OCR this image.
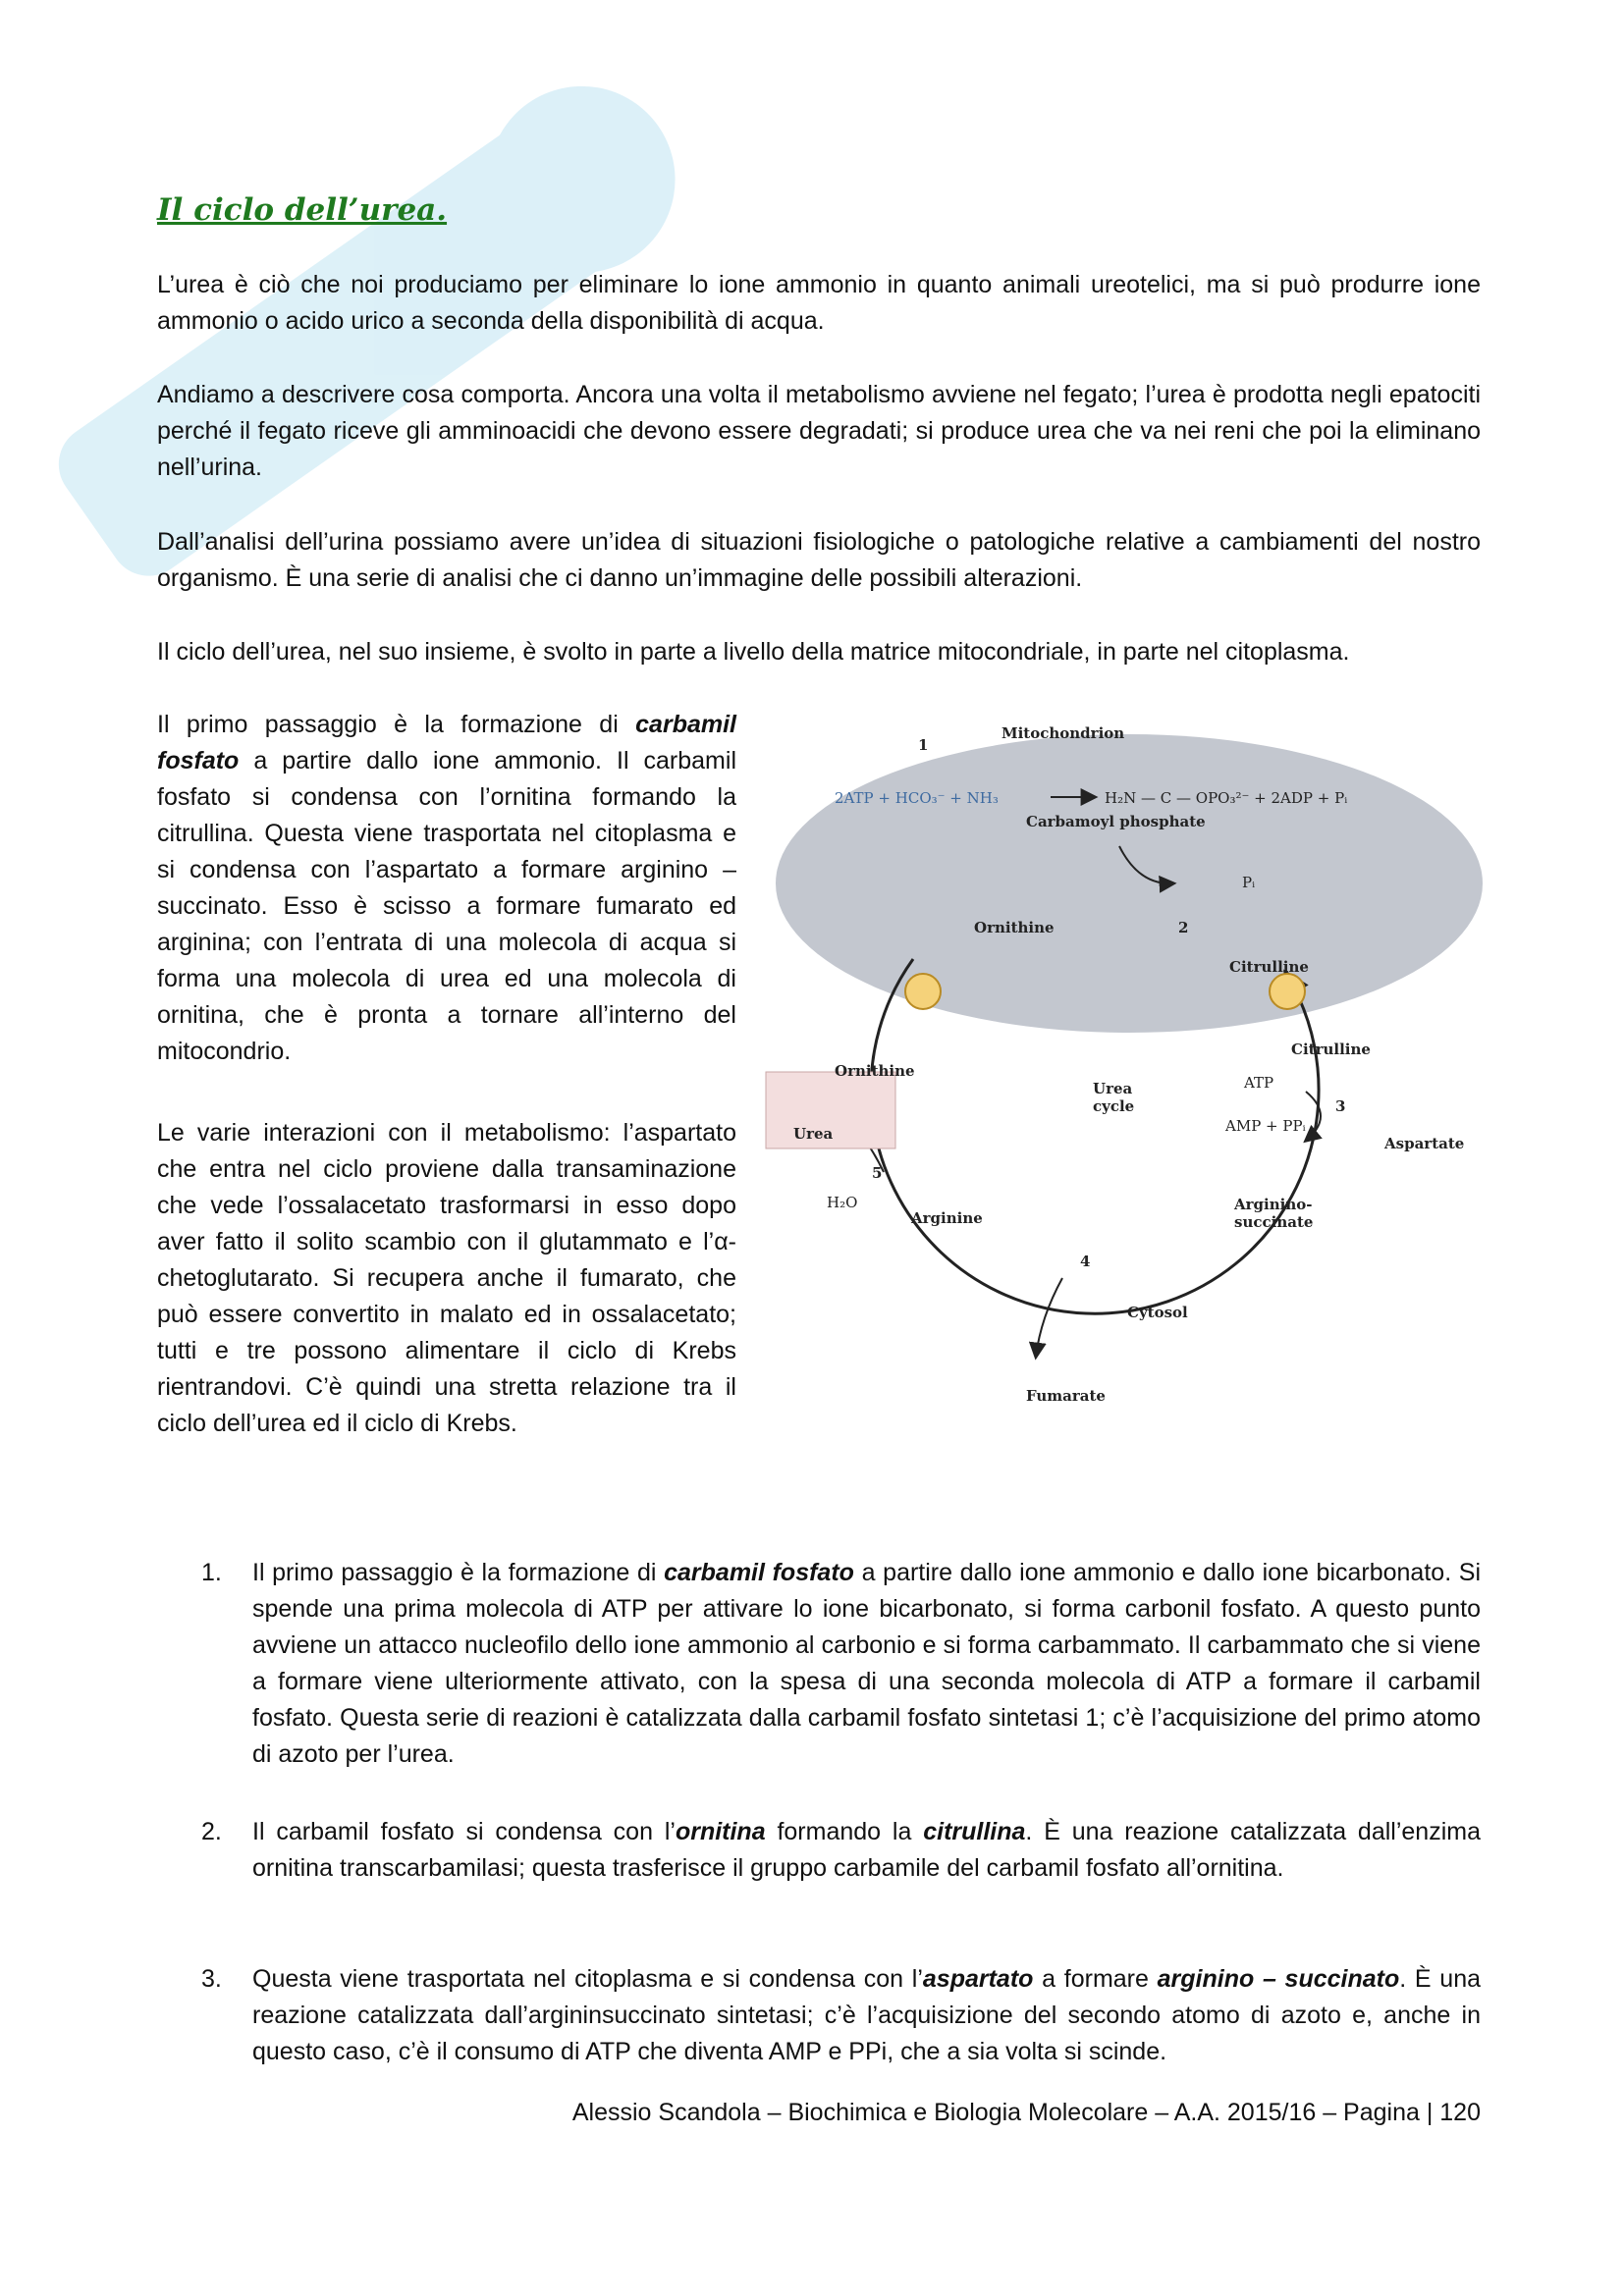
Il ciclo dell’urea.

L’urea è ciò che noi produciamo per eliminare lo ione ammonio in quanto animali ureotelici, ma si può produrre ione ammonio o acido urico a seconda della disponibilità di acqua.

Andiamo a descrivere cosa comporta. Ancora una volta il metabolismo avviene nel fegato; l’urea è prodotta negli epatociti perché il fegato riceve gli amminoacidi che devono essere degradati; si produce urea che va nei reni che poi la eliminano nell’urina.

Dall’analisi dell’urina possiamo avere un’idea di situazioni fisiologiche o patologiche relative a cambiamenti del nostro organismo. È una serie di analisi che ci danno un’immagine delle possibili alterazioni.

Il ciclo dell’urea, nel suo insieme, è svolto in parte a livello della matrice mitocondriale, in parte nel citoplasma.

Il primo passaggio è la formazione di carbamil fosfato a partire dallo ione ammonio. Il carbamil fosfato si condensa con l’ornitina formando la citrullina. Questa viene trasportata nel citoplasma e si condensa con l’aspartato a formare arginino – succinato. Esso è scisso a formare fumarato ed arginina; con l’entrata di una molecola di acqua si forma una molecola di urea ed una molecola di ornitina, che è pronta a tornare all’interno del mitocondrio.

Le varie interazioni con il metabolismo: l’aspartato che entra nel ciclo proviene dalla transaminazione che vede l’ossalacetato trasformarsi in esso dopo aver fatto il solito scambio con il glutammato e l’α-chetoglutarato. Si recupera anche il fumarato, che può essere convertito in malato ed in ossalacetato; tutti e tre possono alimentare il ciclo di Krebs rientrandovi. C’è quindi una stretta relazione tra il ciclo dell’urea ed il ciclo di Krebs.

Mitochondrion
1
2ATP + HCO₃⁻ + NH₃	H₂N — C — OPO₃²⁻ + 2ADP + Pᵢ
Carbamoyl phosphate
Pᵢ
Ornithine	2
Citrulline
Ornithine
Citrulline
Urea
cycle
ATP
3
AMP + PPᵢ
Aspartate
Urea
5
H₂O	Arginino-
succinate
Arginine
4
Cytosol
Fumarate

1. Il primo passaggio è la formazione di carbamil fosfato a partire dallo ione ammonio e dallo ione bicarbonato. Si spende una prima molecola di ATP per attivare lo ione bicarbonato, si forma carbonil fosfato. A questo punto avviene un attacco nucleofilo dello ione ammonio al carbonio e si forma carbammato. Il carbammato che si viene a formare viene ulteriormente attivato, con la spesa di una seconda molecola di ATP a formare il carbamil fosfato. Questa serie di reazioni è catalizzata dalla carbamil fosfato sintetasi 1; c’è l’acquisizione del primo atomo di azoto per l’urea.

2. Il carbamil fosfato si condensa con l’ornitina formando la citrullina. È una reazione catalizzata dall’enzima ornitina transcarbamilasi; questa trasferisce il gruppo carbamile del carbamil fosfato all’ornitina.

3. Questa viene trasportata nel citoplasma e si condensa con l’aspartato a formare arginino – succinato. È una reazione catalizzata dall’argininsuccinato sintetasi; c’è l’acquisizione del secondo atomo di azoto e, anche in questo caso, c’è il consumo di ATP che diventa AMP e PPi, che a sia volta si scinde.

Alessio Scandola – Biochimica e Biologia Molecolare – A.A. 2015/16 – Pagina | 120
